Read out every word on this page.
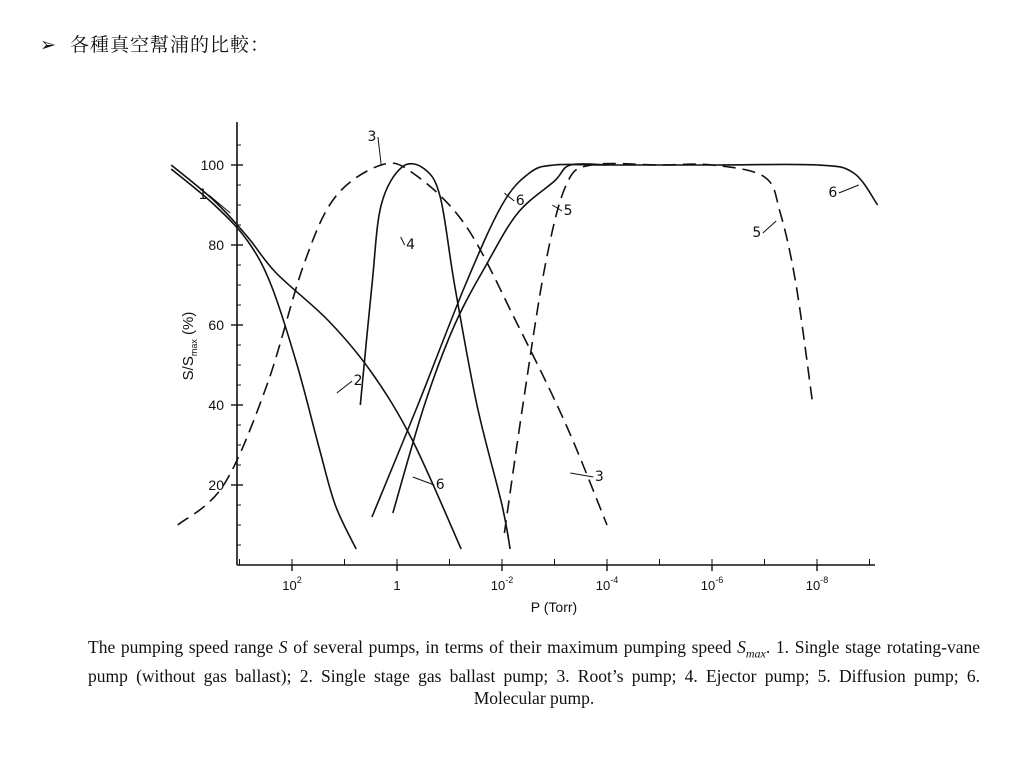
➢ 各種真空幫浦的比較：
20
40
60
80
100
$10^2$	1	$10^{-2}$	$10^{-4}$	$10^{-6}$	$10^{-8}$
P (Torr)
$S/S_{max}$ (%)
1
3
4
6
5
5
6
2
6	3
The pumping speed range S of several pumps, in terms of their maximum pumping speed $S_{max}$. 1. Single stage rotating-vane pump (without gas ballast); 2. Single stage gas ballast pump; 3. Root’s pump; 4. Ejector pump; 5. Diffusion pump; 6. Molecular pump.
